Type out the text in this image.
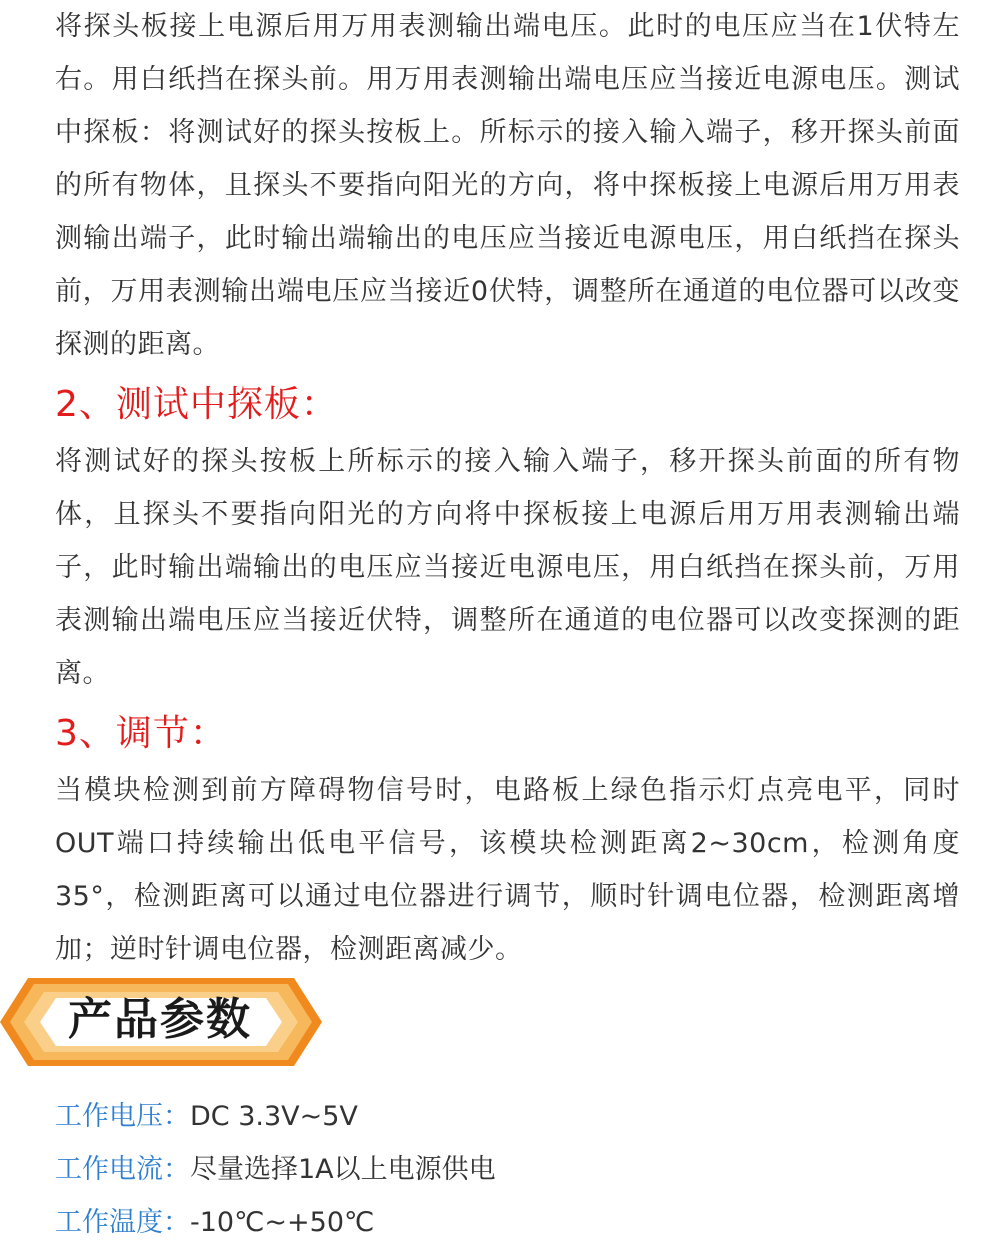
将探头板接上电源后用万用表测输出端电压。此时的电压应当在1伏特左右。用白纸挡在探头前。用万用表测输出端电压应当接近电源电压。测试中探板：将测试好的探头按板上。所标示的接入输入端子，移开探头前面的所有物体，且探头不要指向阳光的方向，将中探板接上电源后用万用表测输出端子，此时输出端输出的电压应当接近电源电压，用白纸挡在探头前，万用表测输出端电压应当接近0伏特，调整所在通道的电位器可以改变探测的距离。

2、测试中探板：

将测试好的探头按板上所标示的接入输入端子，移开探头前面的所有物体，且探头不要指向阳光的方向将中探板接上电源后用万用表测输出端子，此时输出端输出的电压应当接近电源电压，用白纸挡在探头前，万用表测输出端电压应当接近伏特，调整所在通道的电位器可以改变探测的距离。

3、调节：

当模块检测到前方障碍物信号时，电路板上绿色指示灯点亮电平，同时OUT端口持续输出低电平信号，该模块检测距离2~30cm，检测角度35°，检测距离可以通过电位器进行调节，顺时针调电位器，检测距离增加；逆时针调电位器，检测距离减少。

产品参数
工作电压：DC 3.3V~5V
工作电流：尽量选择1A以上电源供电
工作温度：-10℃~+50℃
